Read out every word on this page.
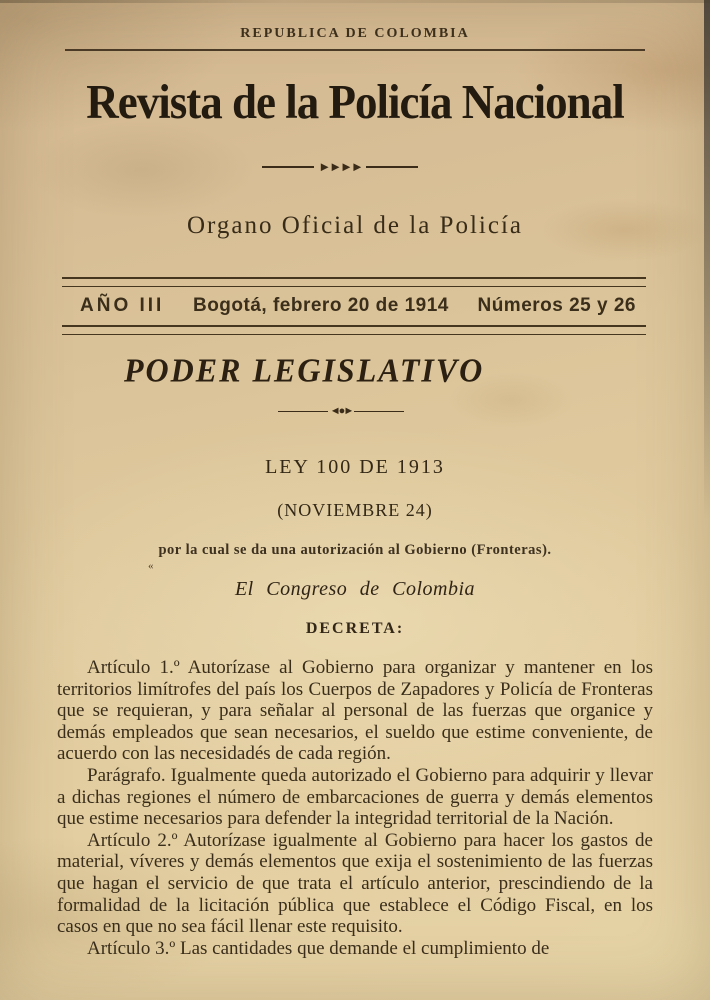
REPUBLICA DE COLOMBIA
Revista de la Policía Nacional
►►►►
Organo Oficial de la Policía
AÑO III Bogotá, febrero 20 de 1914 Números 25 y 26
PODER LEGISLATIVO
◄●►
LEY 100 DE 1913
(NOVIEMBRE 24)
por la cual se da una autorización al Gobierno (Fronteras).
«
El Congreso de Colombia
DECRETA:

Artículo 1.º Autorízase al Gobierno para organizar y mantener en los territorios limítrofes del país los Cuerpos de Zapadores y Policía de Fronteras que se requieran, y para señalar al personal de las fuerzas que organice y demás empleados que sean necesarios, el sueldo que estime conveniente, de acuerdo con las necesidadés de cada región.

Parágrafo. Igualmente queda autorizado el Gobierno para adquirir y llevar a dichas regiones el número de embarcaciones de guerra y demás elementos que estime necesarios para defender la integridad territorial de la Nación.

Artículo 2.º Autorízase igualmente al Gobierno para hacer los gastos de material, víveres y demás elementos que exija el sostenimiento de las fuerzas que hagan el servicio de que trata el artículo anterior, prescindiendo de la formalidad de la licitación pública que establece el Código Fiscal, en los casos en que no sea fácil llenar este requisito.

Artículo 3.º Las cantidades que demande el cumplimiento de
